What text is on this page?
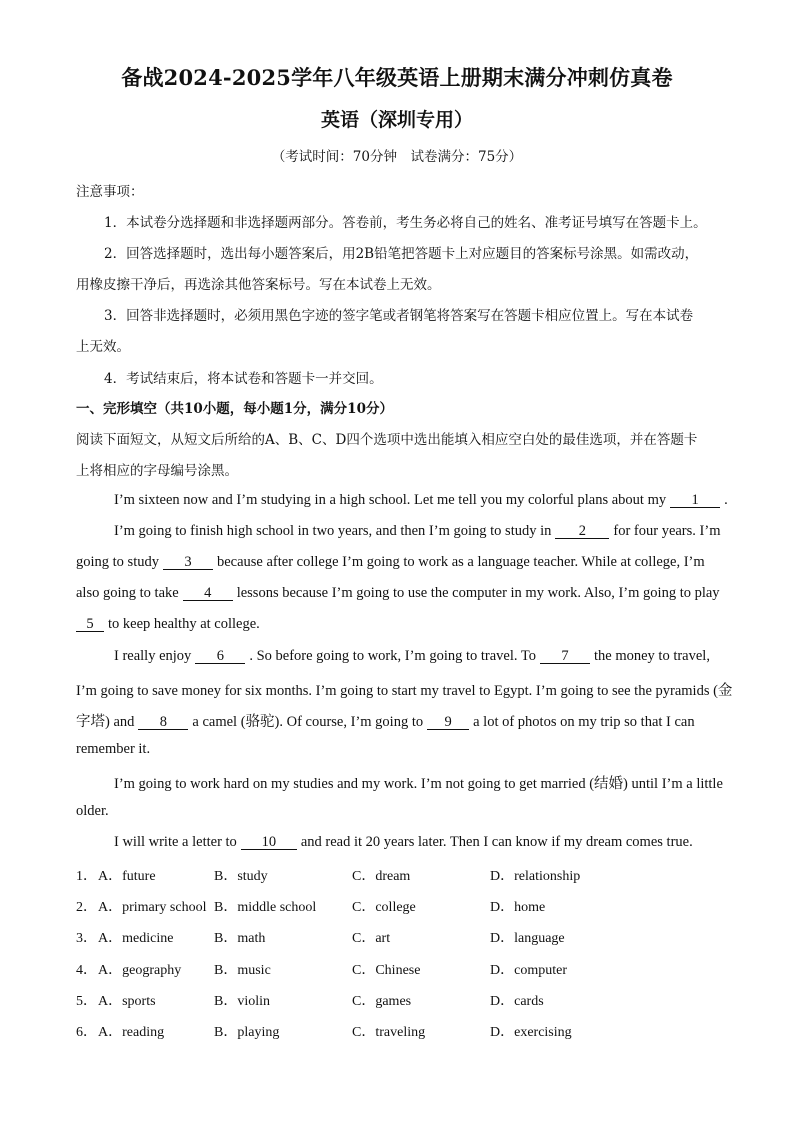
备战2024-2025学年八年级英语上册期末满分冲刺仿真卷
英语（深圳专用）
（考试时间：70分钟　试卷满分：75分）
注意事项：
1．本试卷分选择题和非选择题两部分。答卷前，考生务必将自己的姓名、准考证号填写在答题卡上。
2．回答选择题时，选出每小题答案后，用2B铅笔把答题卡上对应题目的答案标号涂黑。如需改动，
用橡皮擦干净后，再选涂其他答案标号。写在本试卷上无效。
3．回答非选择题时，必须用黑色字迹的签字笔或者钢笔将答案写在答题卡相应位置上。写在本试卷
上无效。
4．考试结束后，将本试卷和答题卡一并交回。
一、完形填空（共10小题，每小题1分，满分10分）
阅读下面短文，从短文后所给的A、B、C、D四个选项中选出能填入相应空白处的最佳选项，并在答题卡
上将相应的字母编号涂黑。
I’m sixteen now and I’m studying in a high school. Let me tell you my colorful plans about my 1 .
I’m going to finish high school in two years, and then I’m going to study in 2 for four years. I’m
going to study 3 because after college I’m going to work as a language teacher. While at college, I’m
also going to take 4 lessons because I’m going to use the computer in my work. Also, I’m going to play
5 to keep healthy at college.
I really enjoy 6 . So before going to work, I’m going to travel. To 7 the money to travel,
I’m going to save money for six months. I’m going to start my travel to Egypt. I’m going to see the pyramids (金
字塔) and 8 a camel (骆驼). Of course, I’m going to 9 a lot of photos on my trip so that I can
remember it.
I’m going to work hard on my studies and my work. I’m not going to get married (结婚) until I’m a little
older.
I will write a letter to 10 and read it 20 years later. Then I can know if my dream comes true.
1． A．future	B．study	C．dream	D．relationship
2． A．primary school B．middle school	C．college	D．home
3． A．medicine	B．math	C．art	D．language
4． A．geography B．music	C．Chinese	D．computer
5． A．sports	B．violin	C．games	D．cards
6． A．reading	B．playing	C．traveling	D．exercising
